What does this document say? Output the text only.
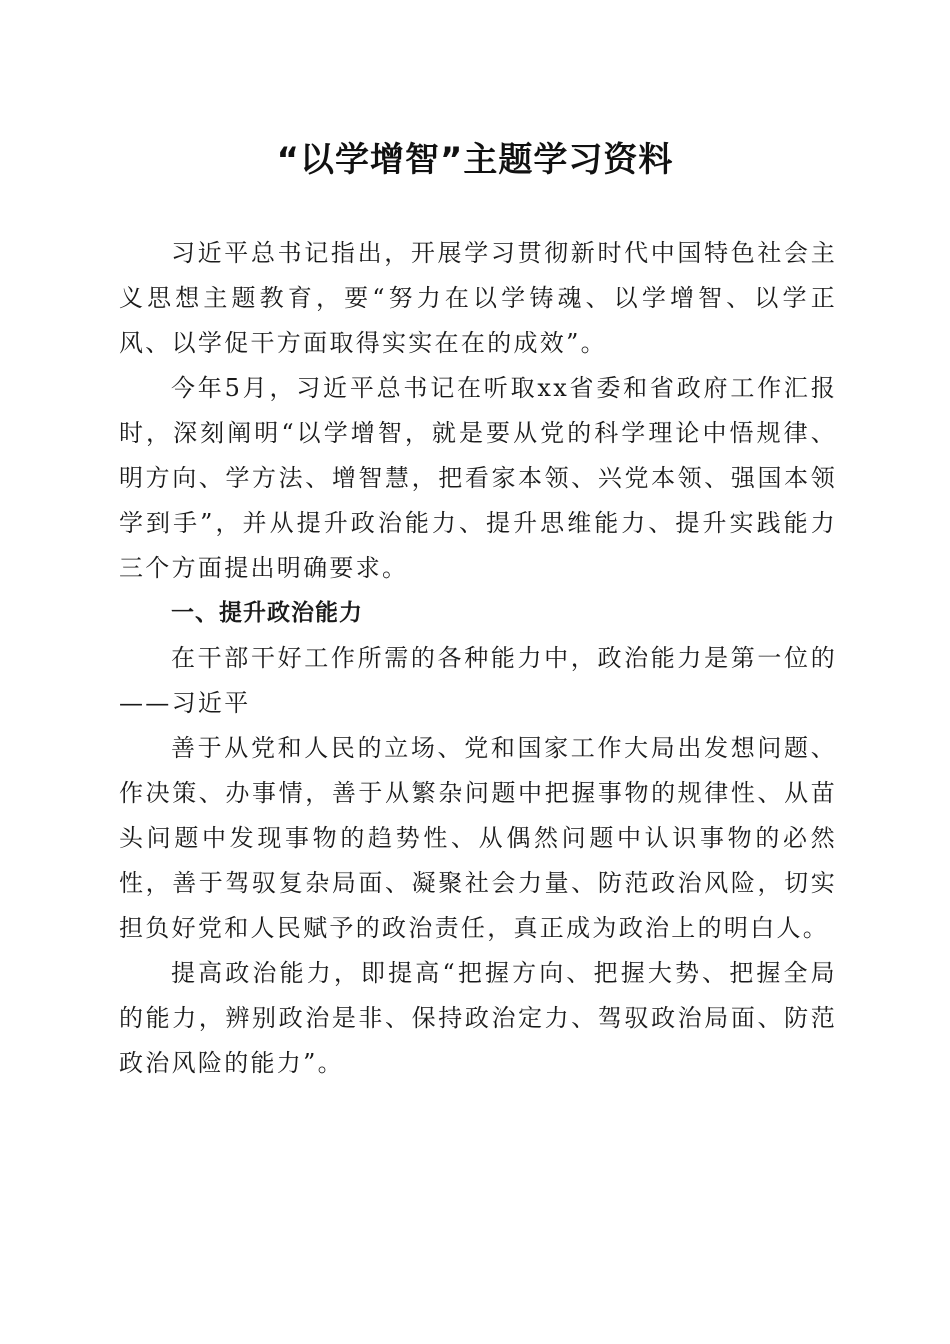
“以学增智”主题学习资料

习近平总书记指出，开展学习贯彻新时代中国特色社会主义思想主题教育，要“努力在以学铸魂、以学增智、以学正风、以学促干方面取得实实在在的成效”。

今年5月，习近平总书记在听取xx省委和省政府工作汇报时，深刻阐明“以学增智，就是要从党的科学理论中悟规律、明方向、学方法、增智慧，把看家本领、兴党本领、强国本领学到手”，并从提升政治能力、提升思维能力、提升实践能力三个方面提出明确要求。

一、提升政治能力

在干部干好工作所需的各种能力中，政治能力是第一位的——习近平

善于从党和人民的立场、党和国家工作大局出发想问题、作决策、办事情，善于从繁杂问题中把握事物的规律性、从苗头问题中发现事物的趋势性、从偶然问题中认识事物的必然性，善于驾驭复杂局面、凝聚社会力量、防范政治风险，切实担负好党和人民赋予的政治责任，真正成为政治上的明白人。

提高政治能力，即提高“把握方向、把握大势、把握全局的能力，辨别政治是非、保持政治定力、驾驭政治局面、防范政治风险的能力”。
